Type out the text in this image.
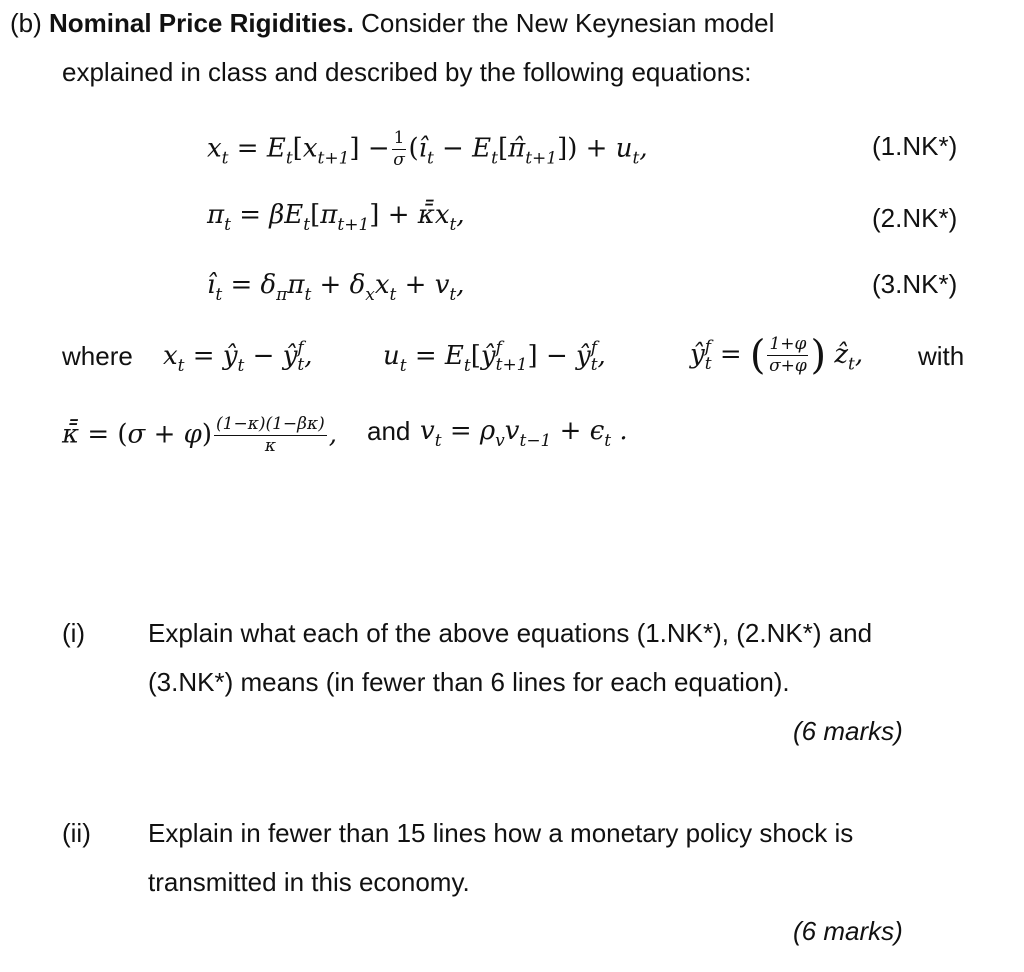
(b) Nominal Price Rigidities. Consider the New Keynesian model
explained in class and described by the following equations:
$x_t = E_t[x_{t+1}] - \frac{1}{\sigma}$ ($î_t$ − $E_t[\pî_{t+1}]) + u_t$,	(1.NK*)
$\pi_t = \beta E_t[\pi_{t+1}]$ + $\kappā̄x_t$,	(2.NK*)
$î_t = \delta_\pi\pi_t + \delta_xx_t + v_t$,	(3.NK*)
where $x_t$ = $ŷ_t$ − ŷ f
t ,	$u_t$ = $E_t[ŷ$ f
t+1 ] − ŷ f
t ,	ŷ f
t = ( $\frac{1+\varphi}{\sigma+\varphi}$ ) ẑ$_t$, with
κ̄̄ = $(\sigma + \varphi) \frac{(1-\kappa)(1-\beta\kappa)}{\kappa}$ , and $v_t = \rho_vv_{t-1} + \epsilon_t$ .
(i) Explain what each of the above equations (1.NK*), (2.NK*) and
(3.NK*) means (in fewer than 6 lines for each equation).
(6 marks)
(ii) Explain in fewer than 15 lines how a monetary policy shock is
transmitted in this economy.
(6 marks)
